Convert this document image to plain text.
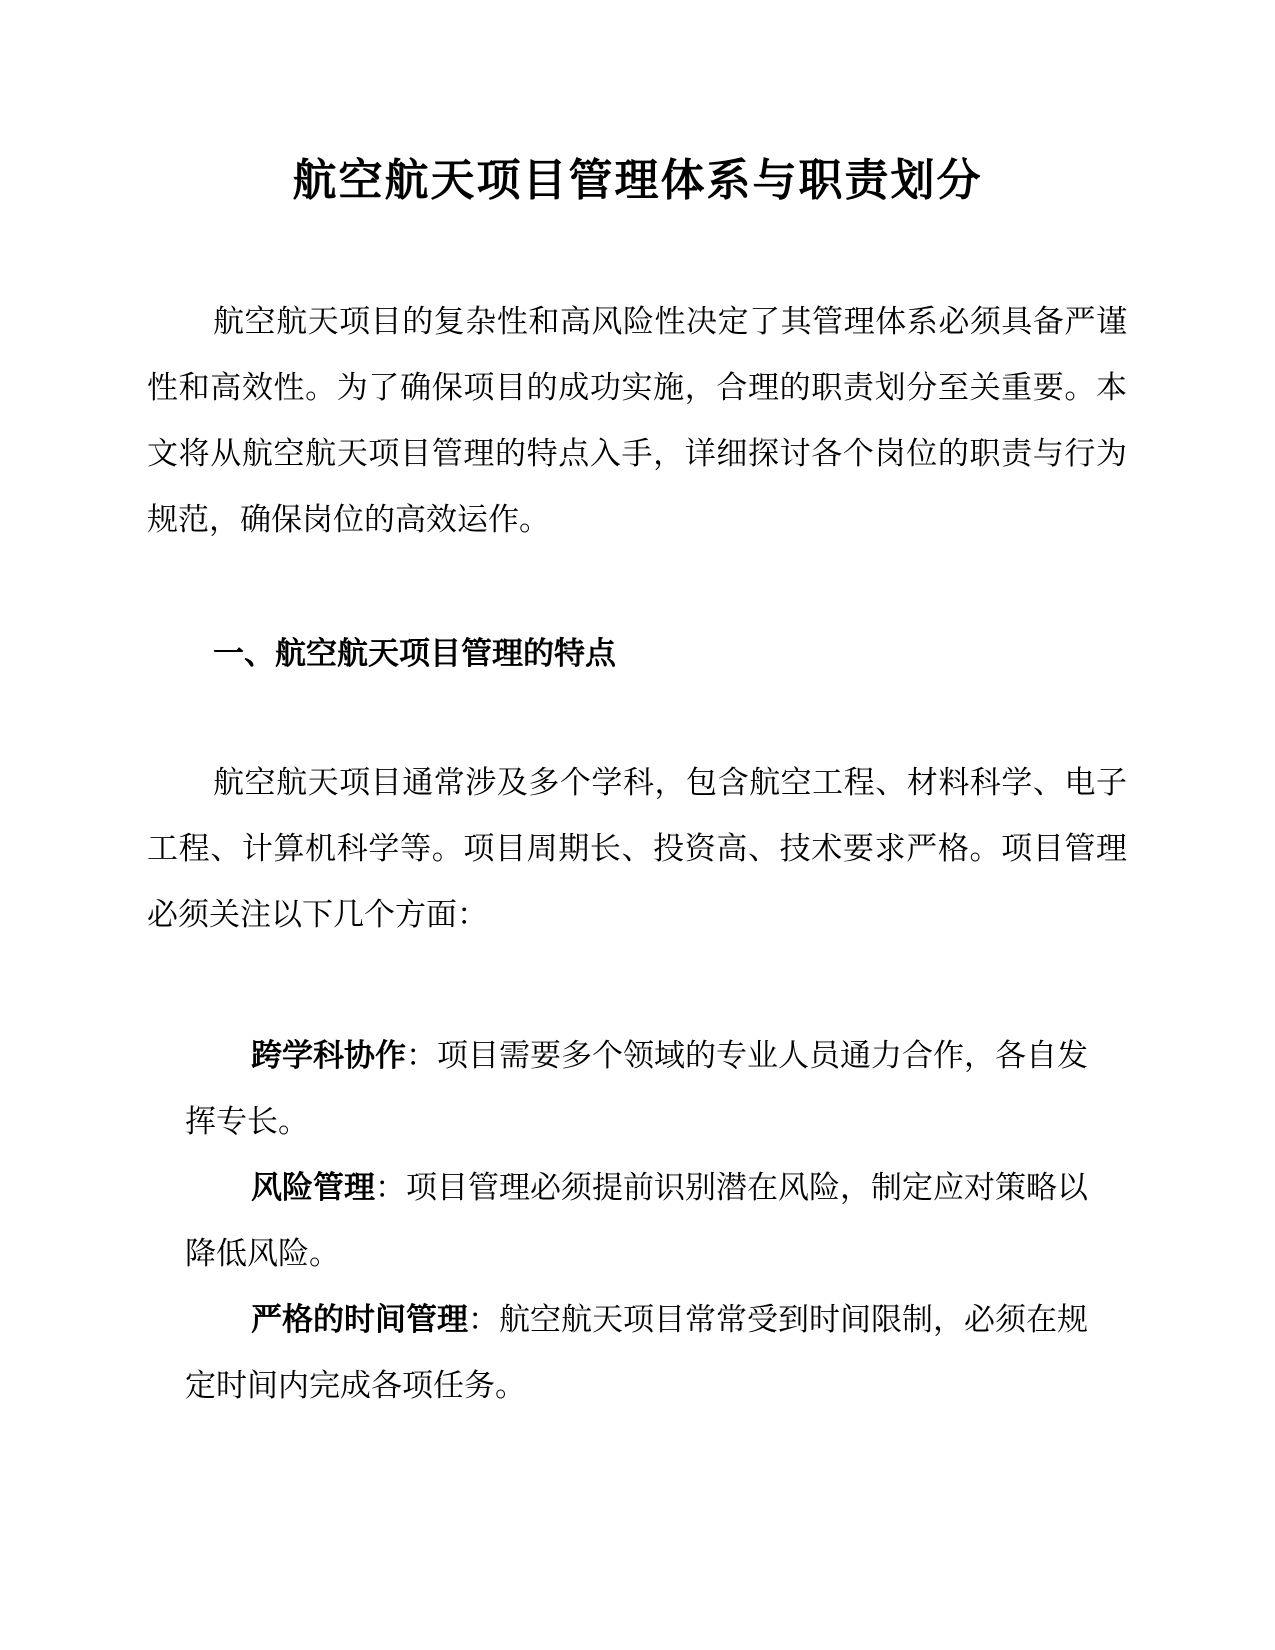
航空航天项目管理体系与职责划分

航空航天项目的复杂性和高风险性决定了其管理体系必须具备严谨性和高效性。为了确保项目的成功实施，合理的职责划分至关重要。本文将从航空航天项目管理的特点入手，详细探讨各个岗位的职责与行为规范，确保岗位的高效运作。

一、航空航天项目管理的特点

航空航天项目通常涉及多个学科，包含航空工程、材料科学、电子工程、计算机科学等。项目周期长、投资高、技术要求严格。项目管理必须关注以下几个方面：

跨学科协作：项目需要多个领域的专业人员通力合作，各自发挥专长。

风险管理：项目管理必须提前识别潜在风险，制定应对策略以降低风险。

严格的时间管理：航空航天项目常常受到时间限制，必须在规定时间内完成各项任务。
